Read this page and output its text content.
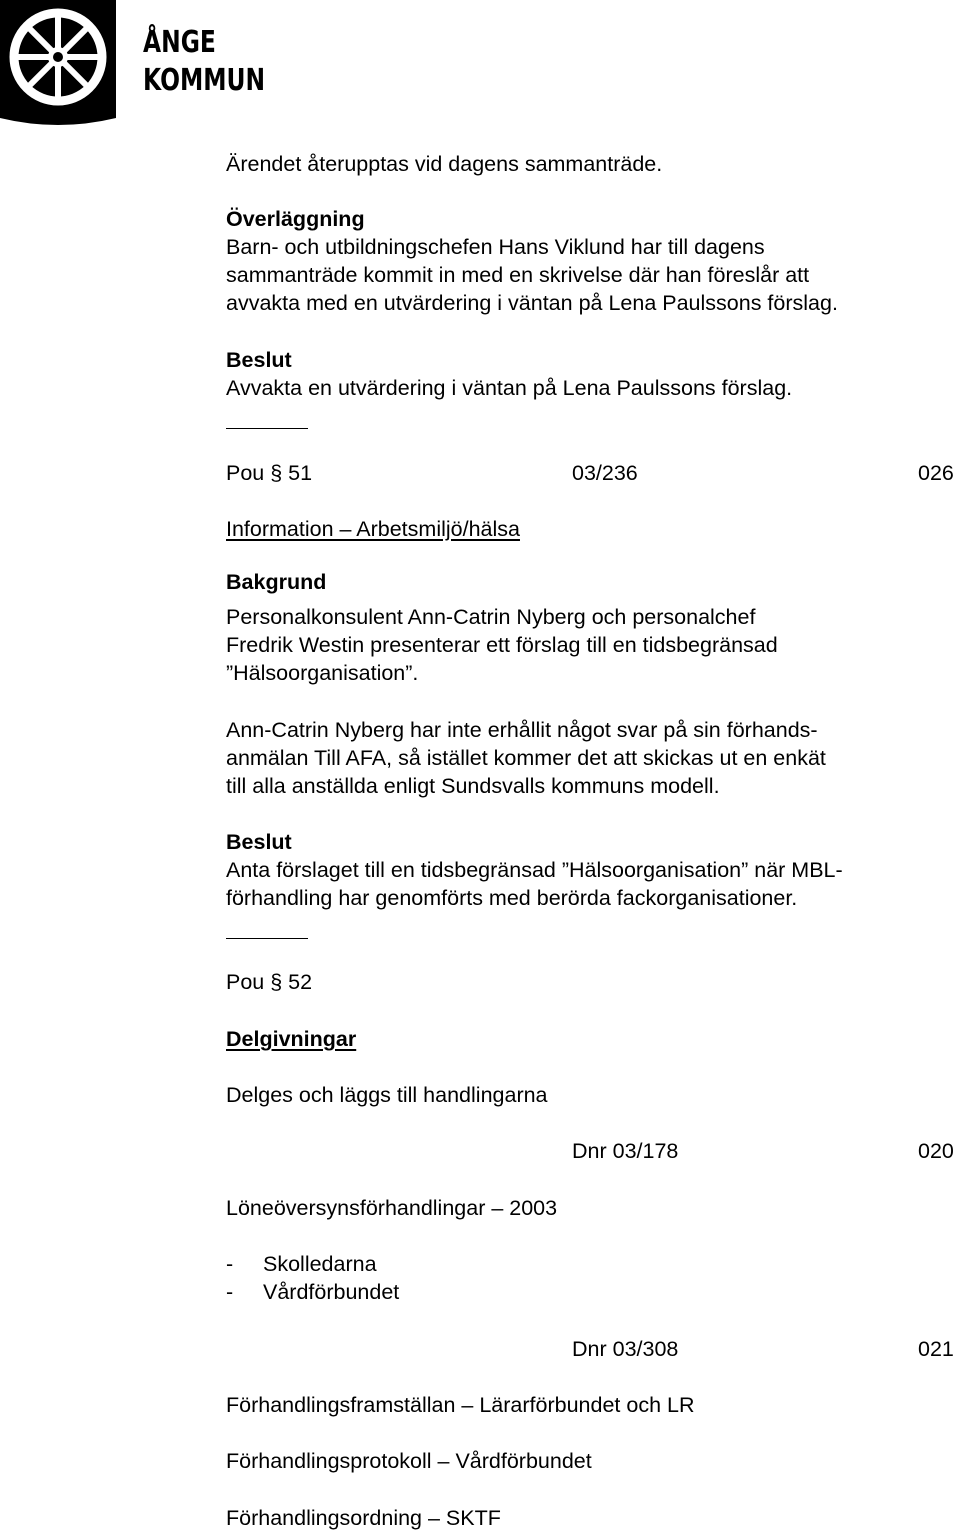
ÅNGE
KOMMUN
Ärendet återupptas vid dagens sammanträde.
Överläggning
Barn- och utbildningschefen Hans Viklund har till dagens
sammanträde kommit in med en skrivelse där han föreslår att
avvakta med en utvärdering i väntan på Lena Paulssons förslag.
Beslut
Avvakta en utvärdering i väntan på Lena Paulssons förslag.
Pou § 51	03/236	026
Information – Arbetsmiljö/hälsa
Bakgrund
Personalkonsulent Ann-Catrin Nyberg och personalchef
Fredrik Westin presenterar ett förslag till en tidsbegränsad
”Hälsoorganisation”.
Ann-Catrin Nyberg har inte erhållit något svar på sin förhands-
anmälan Till AFA, så istället kommer det att skickas ut en enkät
till alla anställda enligt Sundsvalls kommuns modell.
Beslut
Anta förslaget till en tidsbegränsad ”Hälsoorganisation” när MBL-
förhandling har genomförts med berörda fackorganisationer.
Pou § 52
Delgivningar
Delges och läggs till handlingarna
Dnr 03/178	020
Löneöversynsförhandlingar – 2003
- Skolledarna
- Vårdförbundet
Dnr 03/308	021
Förhandlingsframställan – Lärarförbundet och LR
Förhandlingsprotokoll – Vårdförbundet
Förhandlingsordning – SKTF
